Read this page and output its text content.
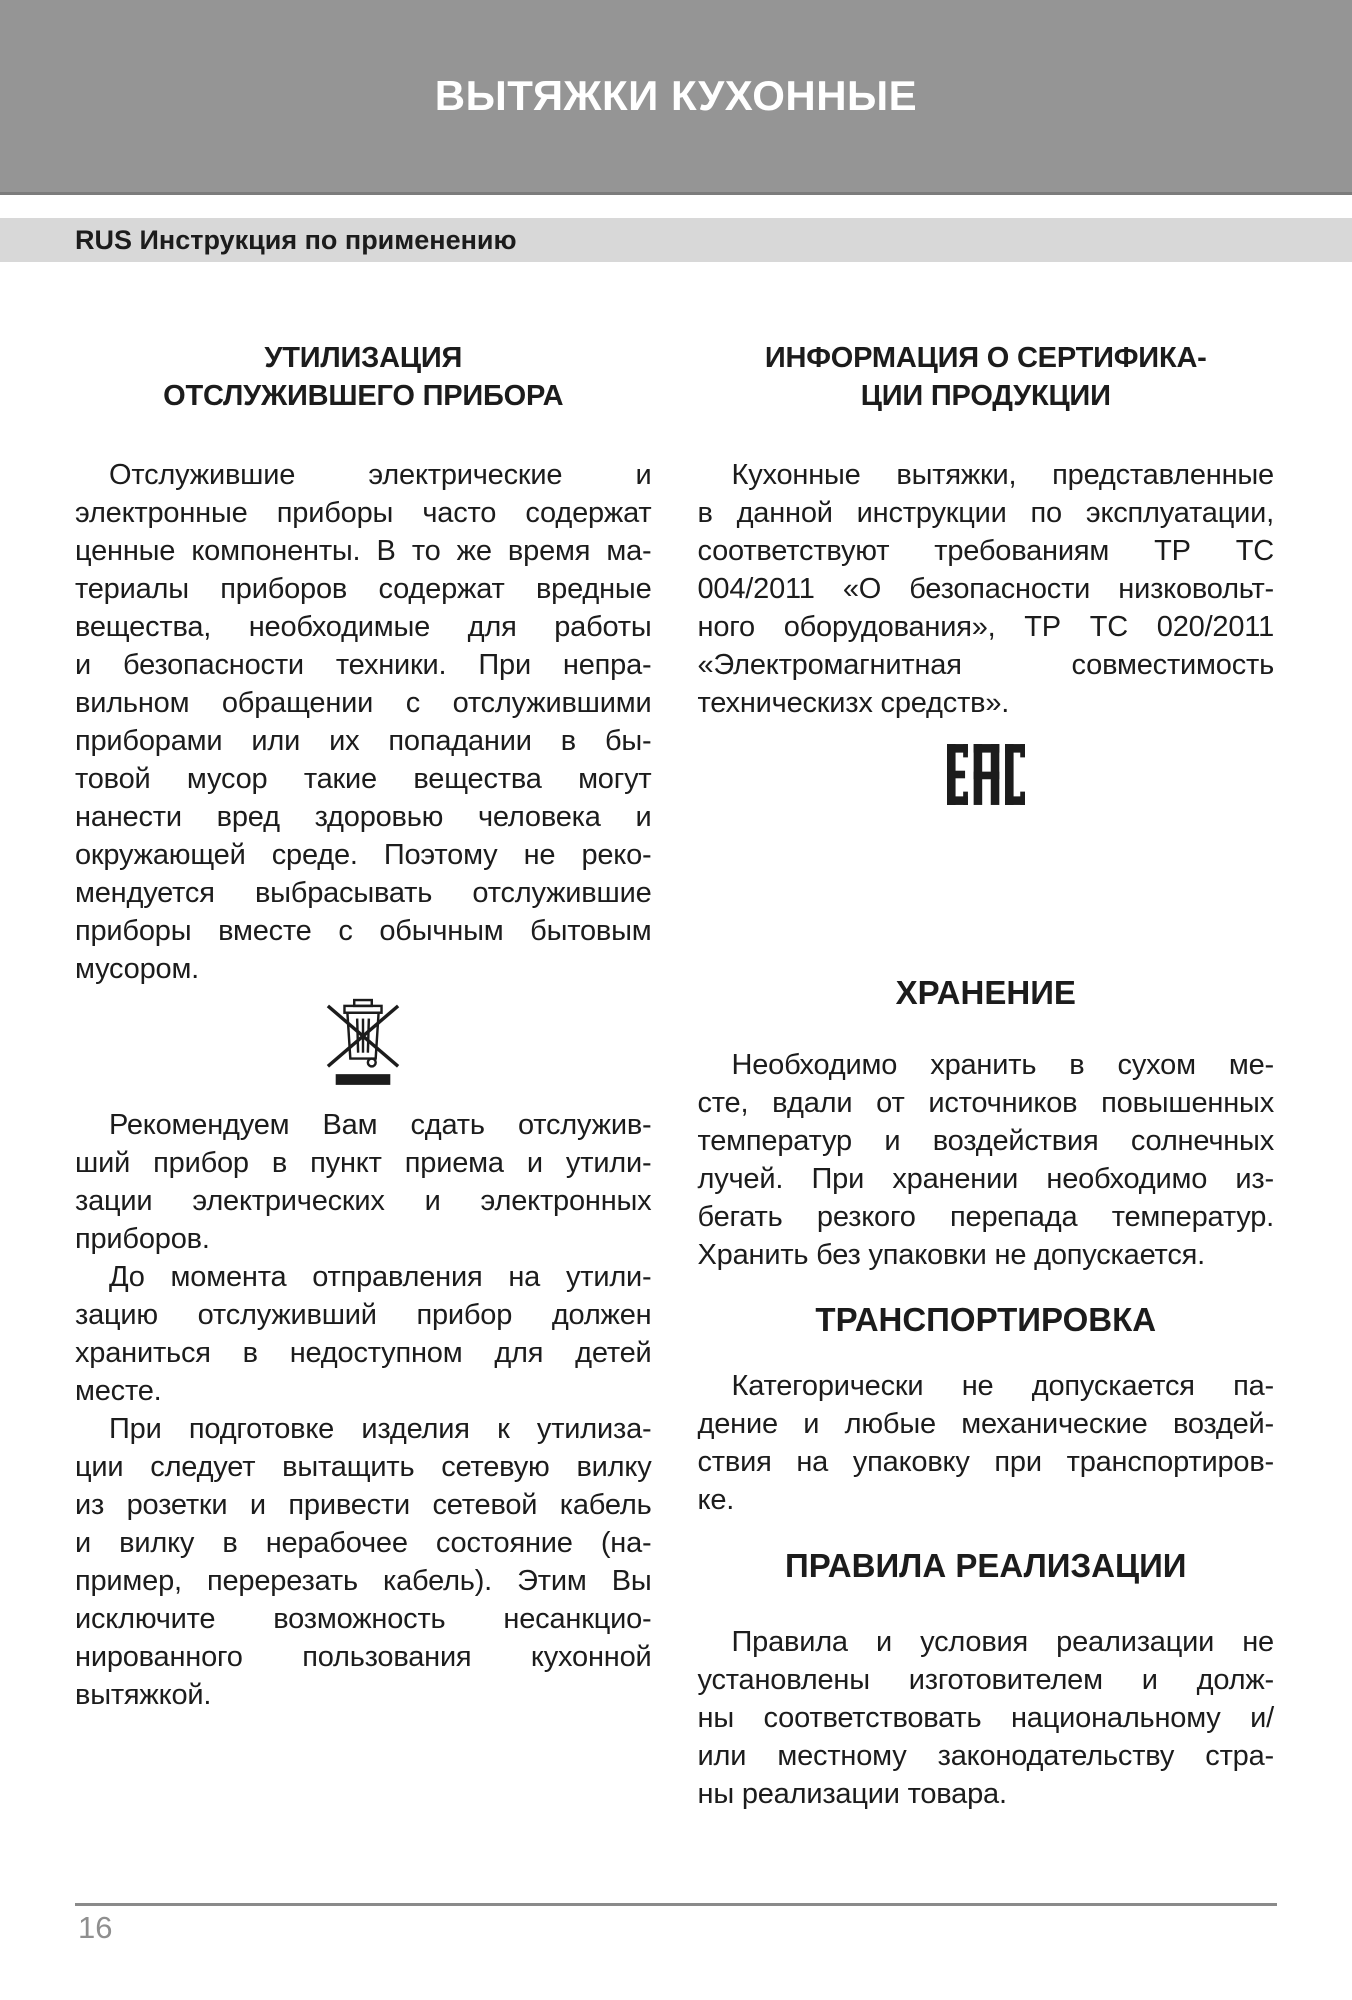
ВЫТЯЖКИ КУХОННЫЕ
RUS Инструкция по применению
УТИЛИЗАЦИЯ
ОТСЛУЖИВШЕГО ПРИБОРА
Отслужившие электрические и
электронные приборы часто содержат
ценные компоненты. В то же время ма-
териалы приборов содержат вредные
вещества, необходимые для работы
и безопасности техники. При непра-
вильном обращении с отслужившими
приборами или их попадании в бы-
товой мусор такие вещества могут
нанести вред здоровью человека и
окружающей среде. Поэтому не реко-
мендуется выбрасывать отслужившие
приборы вместе с обычным бытовым
мусором.
Рекомендуем Вам сдать отслужив-
ший прибор в пункт приема и утили-
зации электрических и электронных
приборов.
До момента отправления на утили-
зацию отслуживший прибор должен
храниться в недоступном для детей
месте.
При подготовке изделия к утилиза-
ции следует вытащить сетевую вилку
из розетки и привести сетевой кабель
и вилку в нерабочее состояние (на-
пример, перерезать кабель). Этим Вы
исключите возможность несанкцио-
нированного пользования кухонной
вытяжкой.
ИНФОРМАЦИЯ О СЕРТИФИКА-
ЦИИ ПРОДУКЦИИ
Кухонные вытяжки, представленные
в данной инструкции по эксплуатации,
соответствуют требованиям ТР ТС
004/2011 «О безопасности низковольт-
ного оборудования», ТР ТС 020/2011
«Электромагнитная совместимость
техническизх средств».
ХРАНЕНИЕ
Необходимо хранить в сухом ме-
сте, вдали от источников повышенных
температур и воздействия солнечных
лучей. При хранении необходимо из-
бегать резкого перепада температур.
Хранить без упаковки не допускается.
ТРАНСПОРТИРОВКА
Категорически не допускается па-
дение и любые механические воздей-
ствия на упаковку при транспортиров-
ке.
ПРАВИЛА РЕАЛИЗАЦИИ
Правила и условия реализации не
установлены изготовителем и долж-
ны соответствовать национальному и/
или местному законодательству стра-
ны реализации товара.
16
